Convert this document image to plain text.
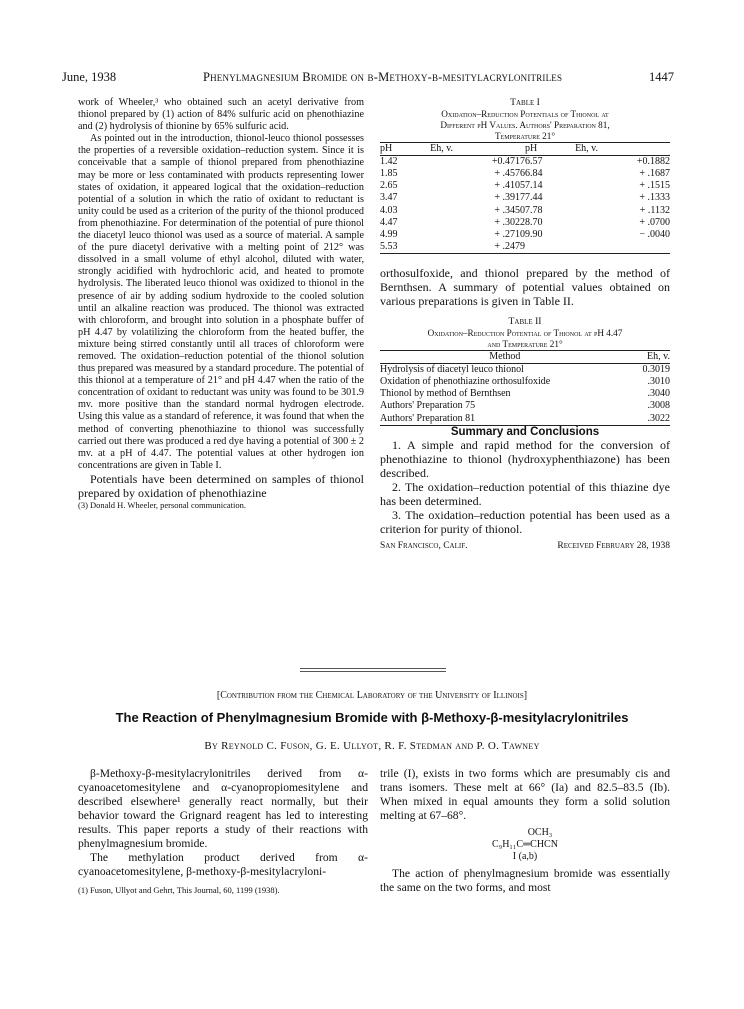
June, 1938	Phenylmagnesium Bromide on β-Methoxy-β-mesitylacrylonitriles	1447

work of Wheeler,³ who obtained such an acetyl derivative from thionol prepared by (1) action of 84% sulfuric acid on phenothiazine and (2) hydrolysis of thionine by 65% sulfuric acid.

As pointed out in the introduction, thionol-leuco thionol possesses the properties of a reversible oxidation–reduction system. Since it is conceivable that a sample of thionol prepared from phenothiazine may be more or less contaminated with products representing lower states of oxidation, it appeared logical that the oxidation–reduction potential of a solution in which the ratio of oxidant to reductant is unity could be used as a criterion of the purity of the thionol produced from phenothiazine. For determination of the potential of pure thionol the diacetyl leuco thionol was used as a source of material. A sample of the pure diacetyl derivative with a melting point of 212° was dissolved in a small volume of ethyl alcohol, diluted with water, strongly acidified with hydrochloric acid, and heated to promote hydrolysis. The liberated leuco thionol was oxidized to thionol in the presence of air by adding sodium hydroxide to the cooled solution until an alkaline reaction was produced. The thionol was extracted with chloroform, and brought into solution in a phosphate buffer of pH 4.47 by volatilizing the chloroform from the heated buffer, the mixture being stirred constantly until all traces of chloroform were removed. The oxidation–reduction potential of the thionol solution thus prepared was measured by a standard procedure. The potential of this thionol at a temperature of 21° and pH 4.47 when the ratio of the concentration of oxidant to reductant was unity was found to be 301.9 mv. more positive than the standard normal hydrogen electrode. Using this value as a standard of reference, it was found that when the method of converting phenothiazine to thionol was successfully carried out there was produced a red dye having a potential of 300 ± 2 mv. at a pH of 4.47. The potential values at other hydrogen ion concentrations are given in Table I.

Potentials have been determined on samples of thionol prepared by oxidation of phenothiazine

(3) Donald H. Wheeler, personal communication.

Table I

Oxidation–Reduction Potentials of Thionol at
Different pH Values. Authors' Preparation 81,
Temperature 21°

pH	Eh, v.	pH	Eh, v.
1.42	+0.4717	6.57	+0.1882
1.85	+ .4576	6.84	+ .1687
2.65	+ .4105	7.14	+ .1515
3.47	+ .3917	7.44	+ .1333
4.03	+ .3450	7.78	+ .1132
4.47	+ .3022	8.70	+ .0700
4.99	+ .2710	9.90	− .0040
5.53	+ .2479		

orthosulfoxide, and thionol prepared by the method of Bernthsen. A summary of potential values obtained on various preparations is given in Table II.

Table II

Oxidation–Reduction Potential of Thionol at pH 4.47
and Temperature 21°

Method	Eh, v.
Hydrolysis of diacetyl leuco thionol	0.3019
Oxidation of phenothiazine orthosulfoxide	.3010
Thionol by method of Bernthsen	.3040
Authors' Preparation 75	.3008
Authors' Preparation 81	.3022

Summary and Conclusions

1. A simple and rapid method for the conversion of phenothiazine to thionol (hydroxyphenthiazone) has been described.

2. The oxidation–reduction potential of this thiazine dye has been determined.

3. The oxidation–reduction potential has been used as a criterion for purity of thionol.

San Francisco, Calif.	Received February 28, 1938
[Contribution from the Chemical Laboratory of the University of Illinois]
The Reaction of Phenylmagnesium Bromide with β-Methoxy-β-mesitylacrylonitriles
By Reynold C. Fuson, G. E. Ullyot, R. F. Stedman and P. O. Tawney

β-Methoxy-β-mesitylacrylonitriles derived from α-cyanoacetomesitylene and α-cyanopropiomesitylene and described elsewhere¹ generally react normally, but their behavior toward the Grignard reagent has led to interesting results. This paper reports a study of their reactions with phenylmagnesium bromide.

The methylation product derived from α-cyanoacetomesitylene, β-methoxy-β-mesitylacryloni-

(1) Fuson, Ullyot and Gehrt, This Journal, 60, 1199 (1938).

trile (I), exists in two forms which are presumably cis and trans isomers. These melt at 66° (Ia) and 82.5–83.5 (Ib). When mixed in equal amounts they form a solid solution melting at 67–68°.

OCH₃
C₉H₁₁C═CHCN
I (a,b)

The action of phenylmagnesium bromide was essentially the same on the two forms, and most
